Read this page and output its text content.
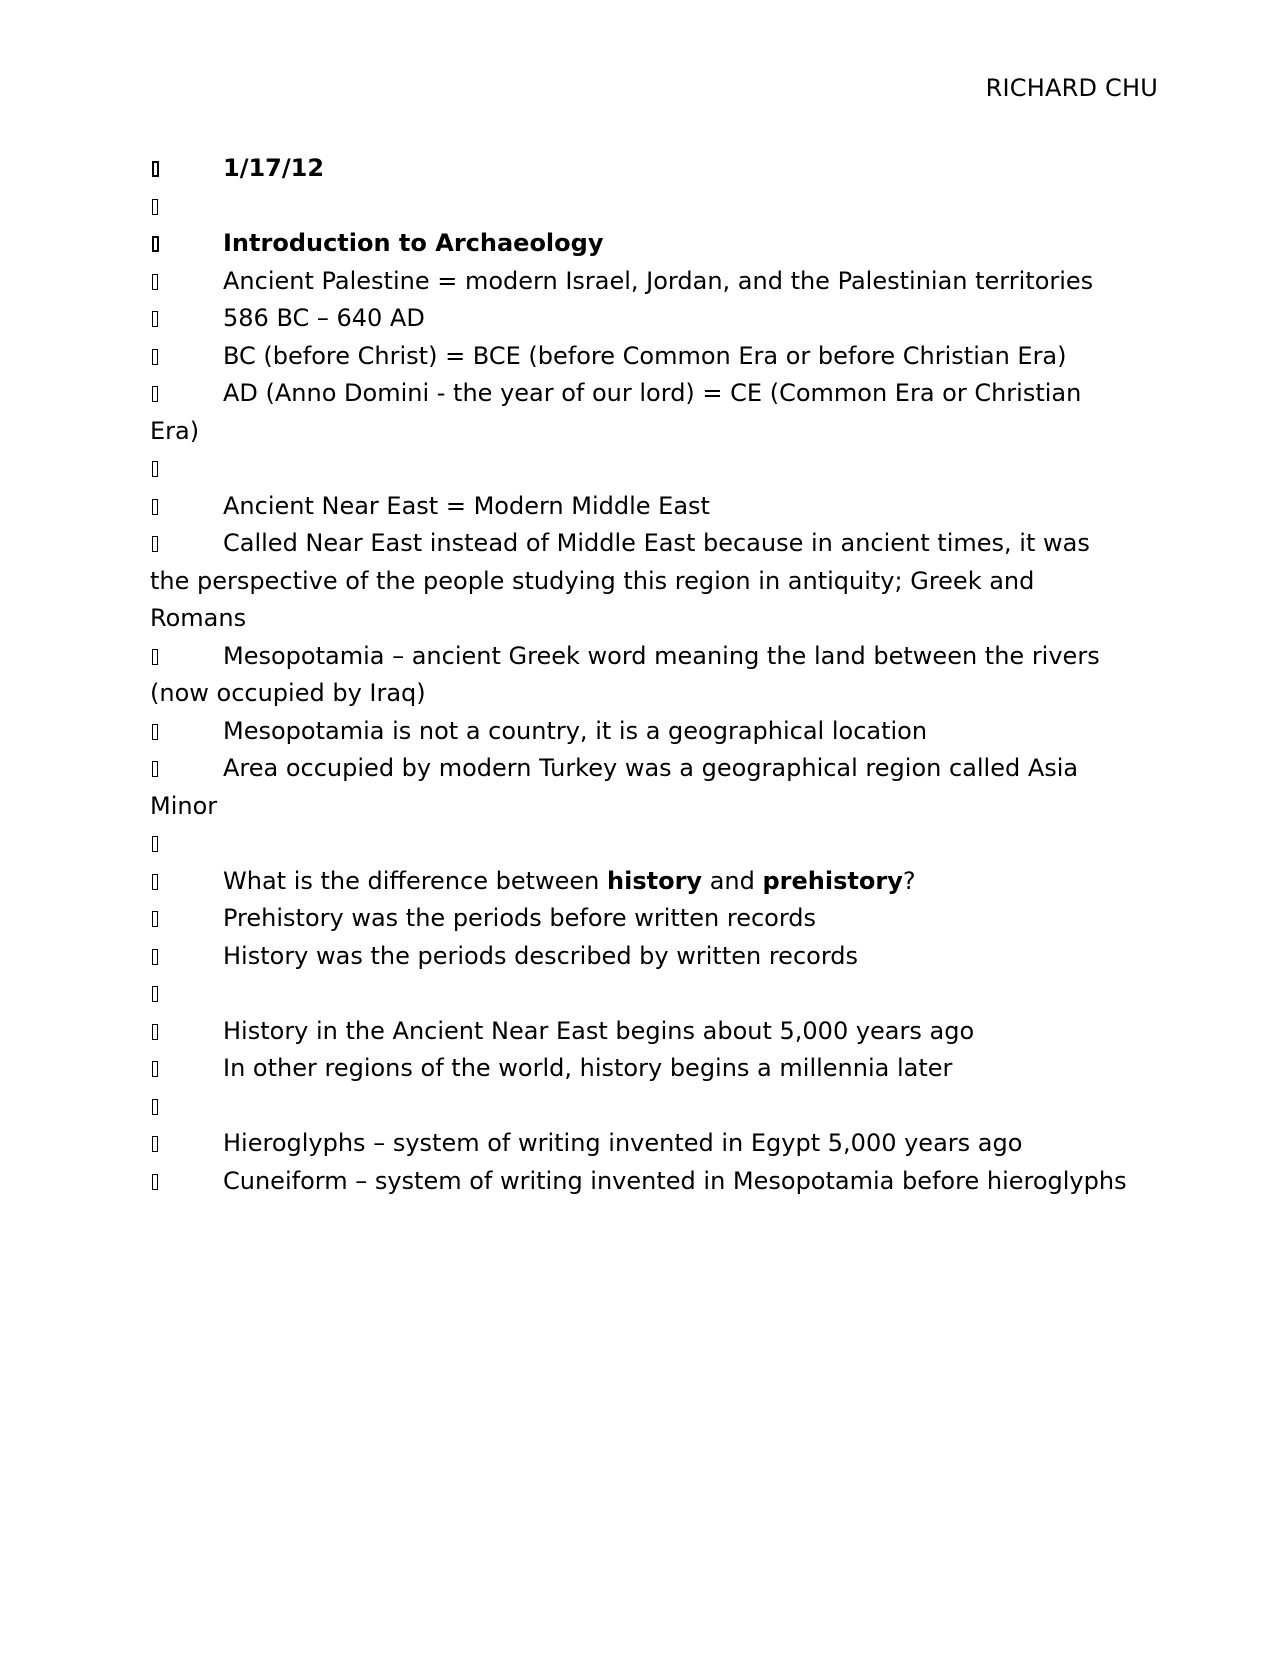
RICHARD CHU

1/17/12

Introduction to Archaeology

Ancient Palestine = modern Israel, Jordan, and the Palestinian territories

586 BC – 640 AD

BC (before Christ) = BCE (before Common Era or before Christian Era)

AD (Anno Domini - the year of our lord) = CE (Common Era or Christian Era)

Ancient Near East = Modern Middle East

Called Near East instead of Middle East because in ancient times, it was the perspective of the people studying this region in antiquity; Greek and Romans

Mesopotamia – ancient Greek word meaning the land between the rivers (now occupied by Iraq)

Mesopotamia is not a country, it is a geographical location

Area occupied by modern Turkey was a geographical region called Asia Minor

What is the difference between history and prehistory?

Prehistory was the periods before written records

History was the periods described by written records

History in the Ancient Near East begins about 5,000 years ago

In other regions of the world, history begins a millennia later

Hieroglyphs – system of writing invented in Egypt 5,000 years ago

Cuneiform – system of writing invented in Mesopotamia before hieroglyphs
